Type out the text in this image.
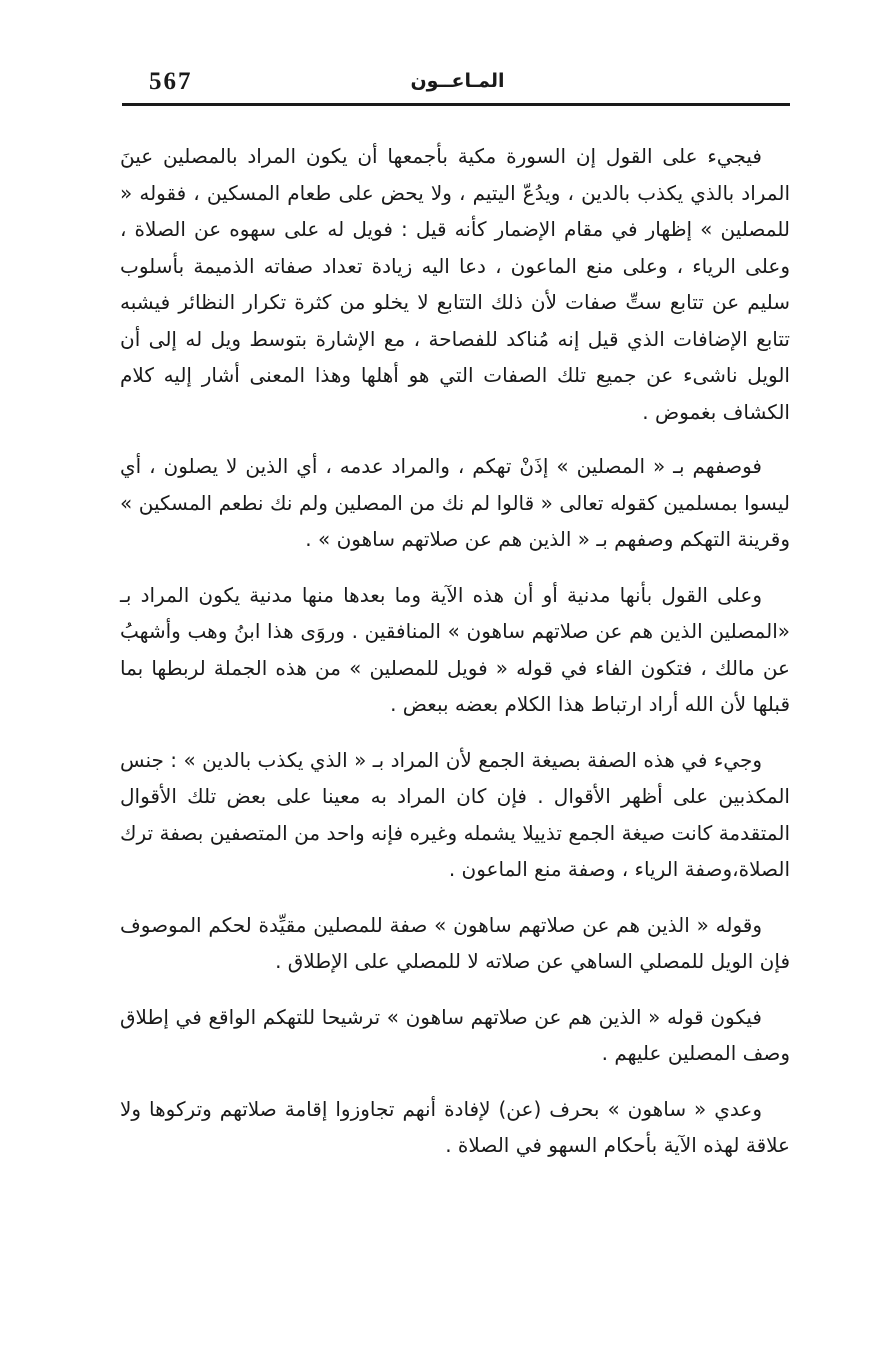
567	المـاعــون

فيجيء على القول إن السورة مكية بأجمعها أن يكون المراد بالمصلين عينَ المراد بالذي يكذب بالدين ، ويدُعّ اليتيم ، ولا يحض على طعام المسكين ، فقوله « للمصلين » إظهار في مقام الإضمار كأنه قيل : فويل له على سهوه عن الصلاة ، وعلى الرياء ، وعلى منع الماعون ، دعا اليه زيادة تعداد صفاته الذميمة بأسلوب سليم عن تتابع ستِّ صفات لأن ذلك التتابع لا يخلو من كثرة تكرار النظائر فيشبه تتابع الإضافات الذي قيل إنه مُناكد للفصاحة ، مع الإشارة بتوسط ويل له إلى أن الويل ناشىء عن جميع تلك الصفات التي هو أهلها وهذا المعنى أشار إليه كلام الكشاف بغموض .

فوصفهم بـ « المصلين » إذَنْ تهكم ، والمراد عدمه ، أي الذين لا يصلون ، أي ليسوا بمسلمين كقوله تعالى « قالوا لم نك من المصلين ولم نك نطعم المسكين » وقرينة التهكم وصفهم بـ « الذين هم عن صلاتهم ساهون » .

وعلى القول بأنها مدنية أو أن هذه الآية وما بعدها منها مدنية يكون المراد بـ «المصلين الذين هم عن صلاتهم ساهون » المنافقين . وروَى هذا ابنُ وهب وأشهبُ عن مالك ، فتكون الفاء في قوله « فويل للمصلين » من هذه الجملة لربطها بما قبلها لأن الله أراد ارتباط هذا الكلام بعضه ببعض .

وجيء في هذه الصفة بصيغة الجمع لأن المراد بـ « الذي يكذب بالدين » : جنس المكذبين على أظهر الأقوال . فإن كان المراد به معينا على بعض تلك الأقوال المتقدمة كانت صيغة الجمع تذييلا يشمله وغيره فإنه واحد من المتصفين بصفة ترك الصلاة،وصفة الرياء ، وصفة منع الماعون .

وقوله « الذين هم عن صلاتهم ساهون » صفة للمصلين مقيِّدة لحكم الموصوف فإن الويل للمصلي الساهي عن صلاته لا للمصلي على الإطلاق .

فيكون قوله « الذين هم عن صلاتهم ساهون » ترشيحا للتهكم الواقع في إطلاق وصف المصلين عليهم .

وعدي « ساهون » بحرف (عن) لإفادة أنهم تجاوزوا إقامة صلاتهم وتركوها ولا علاقة لهذه الآية بأحكام السهو في الصلاة .
